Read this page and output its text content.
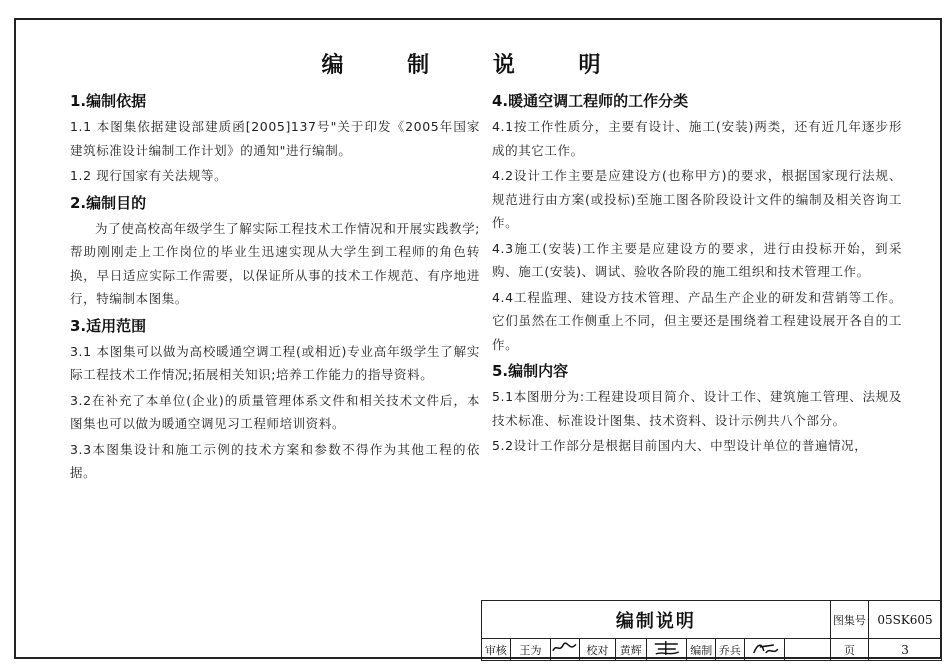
编 制 说 明
1.编制依据

1.1 本图集依据建设部建质函[2005]137号"关于印发《2005年国家建筑标准设计编制工作计划》的通知"进行编制。

1.2 现行国家有关法规等。

2.编制目的

为了使高校高年级学生了解实际工程技术工作情况和开展实践教学;帮助刚刚走上工作岗位的毕业生迅速实现从大学生到工程师的角色转换，早日适应实际工作需要，以保证所从事的技术工作规范、有序地进行，特编制本图集。

3.适用范围

3.1 本图集可以做为高校暖通空调工程(或相近)专业高年级学生了解实际工程技术工作情况;拓展相关知识;培养工作能力的指导资料。

3.2在补充了本单位(企业)的质量管理体系文件和相关技术文件后，本图集也可以做为暖通空调见习工程师培训资料。

3.3本图集设计和施工示例的技术方案和参数不得作为其他工程的依据。

4.暖通空调工程师的工作分类

4.1按工作性质分，主要有设计、施工(安装)两类，还有近几年逐步形成的其它工作。

4.2设计工作主要是应建设方(也称甲方)的要求，根据国家现行法规、规范进行由方案(或投标)至施工图各阶段设计文件的编制及相关咨询工作。

4.3施工(安装)工作主要是应建设方的要求，进行由投标开始，到采购、施工(安装)、调试、验收各阶段的施工组织和技术管理工作。

4.4工程监理、建设方技术管理、产品生产企业的研发和营销等工作。它们虽然在工作侧重上不同，但主要还是围绕着工程建设展开各自的工作。

5.编制内容

5.1本图册分为:工程建设项目简介、设计工作、建筑施工管理、法规及技术标准、标准设计图集、技术资料、设计示例共八个部分。

5.2设计工作部分是根据目前国内大、中型设计单位的普遍情况，

编制说明										图集号	05SK605
审核	王为		校对	黄辉		编制	乔兵			页	3
